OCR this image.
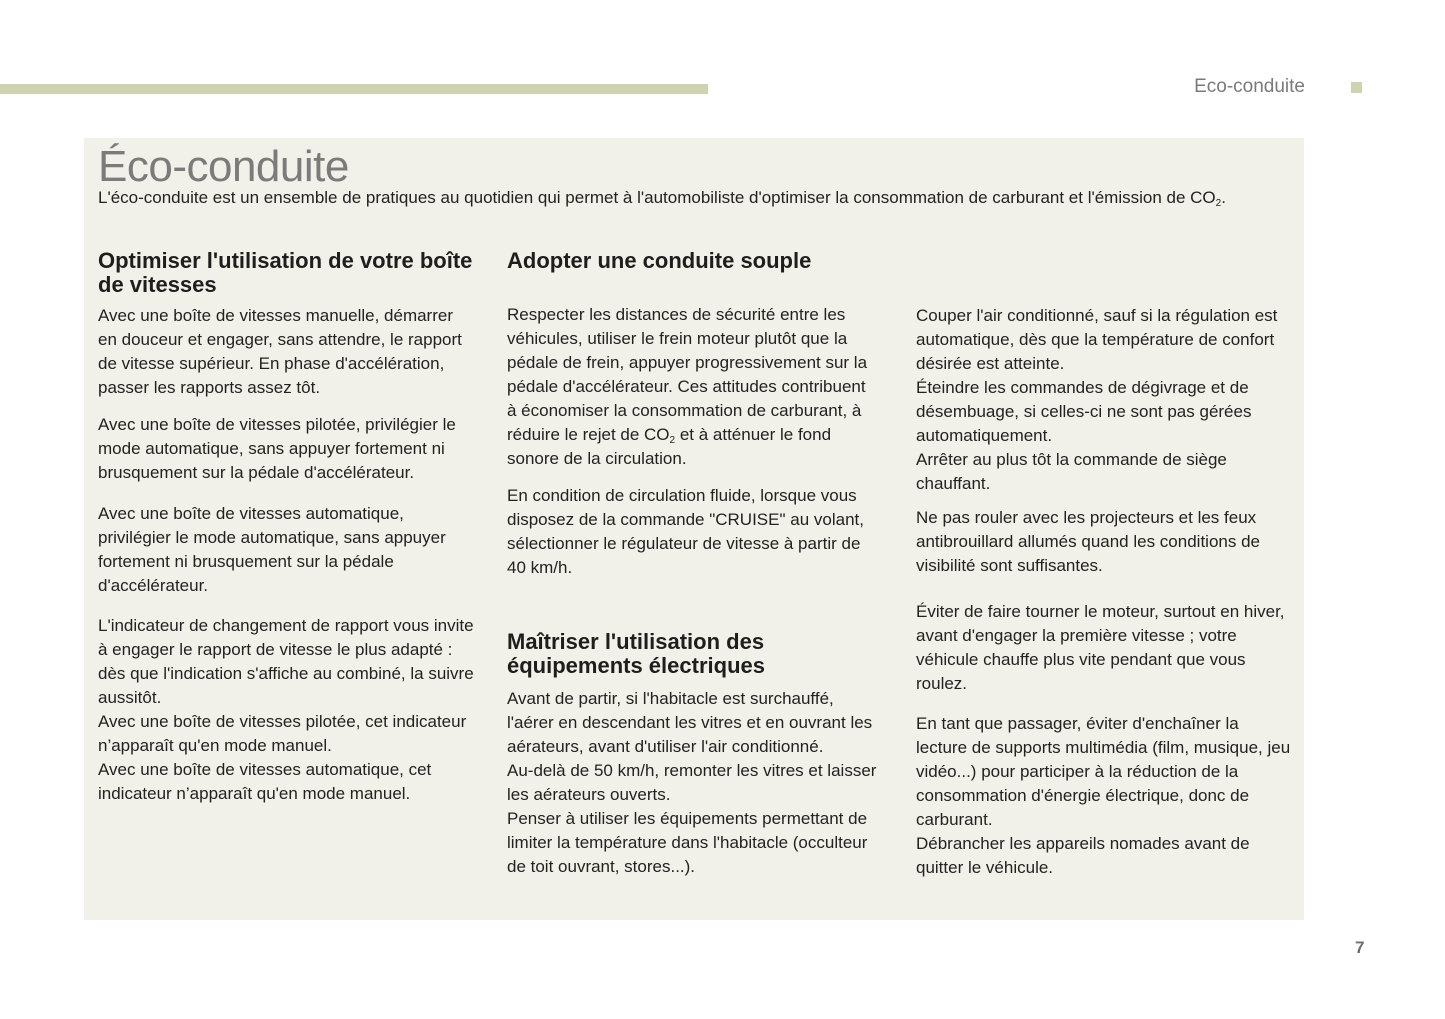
Eco-conduite
Éco-conduite
L'éco-conduite est un ensemble de pratiques au quotidien qui permet à l'automobiliste d'optimiser la consommation de carburant et l'émission de $CO_2$.
Optimiser l'utilisation de votre boîte de vitesses

Avec une boîte de vitesses manuelle, démarrer en douceur et engager, sans attendre, le rapport de vitesse supérieur. En phase d'accélération, passer les rapports assez tôt.

Avec une boîte de vitesses pilotée, privilégier le mode automatique, sans appuyer fortement ni brusquement sur la pédale d'accélérateur.

Avec une boîte de vitesses automatique, privilégier le mode automatique, sans appuyer fortement ni brusquement sur la pédale d'accélérateur.

L'indicateur de changement de rapport vous invite à engager le rapport de vitesse le plus adapté : dès que l'indication s'affiche au combiné, la suivre aussitôt.

Avec une boîte de vitesses pilotée, cet indicateur n’apparaît qu'en mode manuel.

Avec une boîte de vitesses automatique, cet indicateur n’apparaît qu'en mode manuel.

Adopter une conduite souple

Respecter les distances de sécurité entre les véhicules, utiliser le frein moteur plutôt que la pédale de frein, appuyer progressivement sur la pédale d'accélérateur. Ces attitudes contribuent à économiser la consommation de carburant, à réduire le rejet de $CO_2$ et à atténuer le fond sonore de la circulation.

En condition de circulation fluide, lorsque vous disposez de la commande "CRUISE" au volant, sélectionner le régulateur de vitesse à partir de 40 km/h.

Maîtriser l'utilisation des équipements électriques

Avant de partir, si l'habitacle est surchauffé, l'aérer en descendant les vitres et en ouvrant les aérateurs, avant d'utiliser l'air conditionné.

Au-delà de 50 km/h, remonter les vitres et laisser les aérateurs ouverts.

Penser à utiliser les équipements permettant de limiter la température dans l'habitacle (occulteur de toit ouvrant, stores...).

Couper l'air conditionné, sauf si la régulation est automatique, dès que la température de confort désirée est atteinte.

Éteindre les commandes de dégivrage et de désembuage, si celles-ci ne sont pas gérées automatiquement.

Arrêter au plus tôt la commande de siège chauffant.

Ne pas rouler avec les projecteurs et les feux antibrouillard allumés quand les conditions de visibilité sont suffisantes.

Éviter de faire tourner le moteur, surtout en hiver, avant d'engager la première vitesse ; votre véhicule chauffe plus vite pendant que vous roulez.

En tant que passager, éviter d'enchaîner la lecture de supports multimédia (film, musique, jeu vidéo...) pour participer à la réduction de la consommation d'énergie électrique, donc de carburant.

Débrancher les appareils nomades avant de quitter le véhicule.

7
